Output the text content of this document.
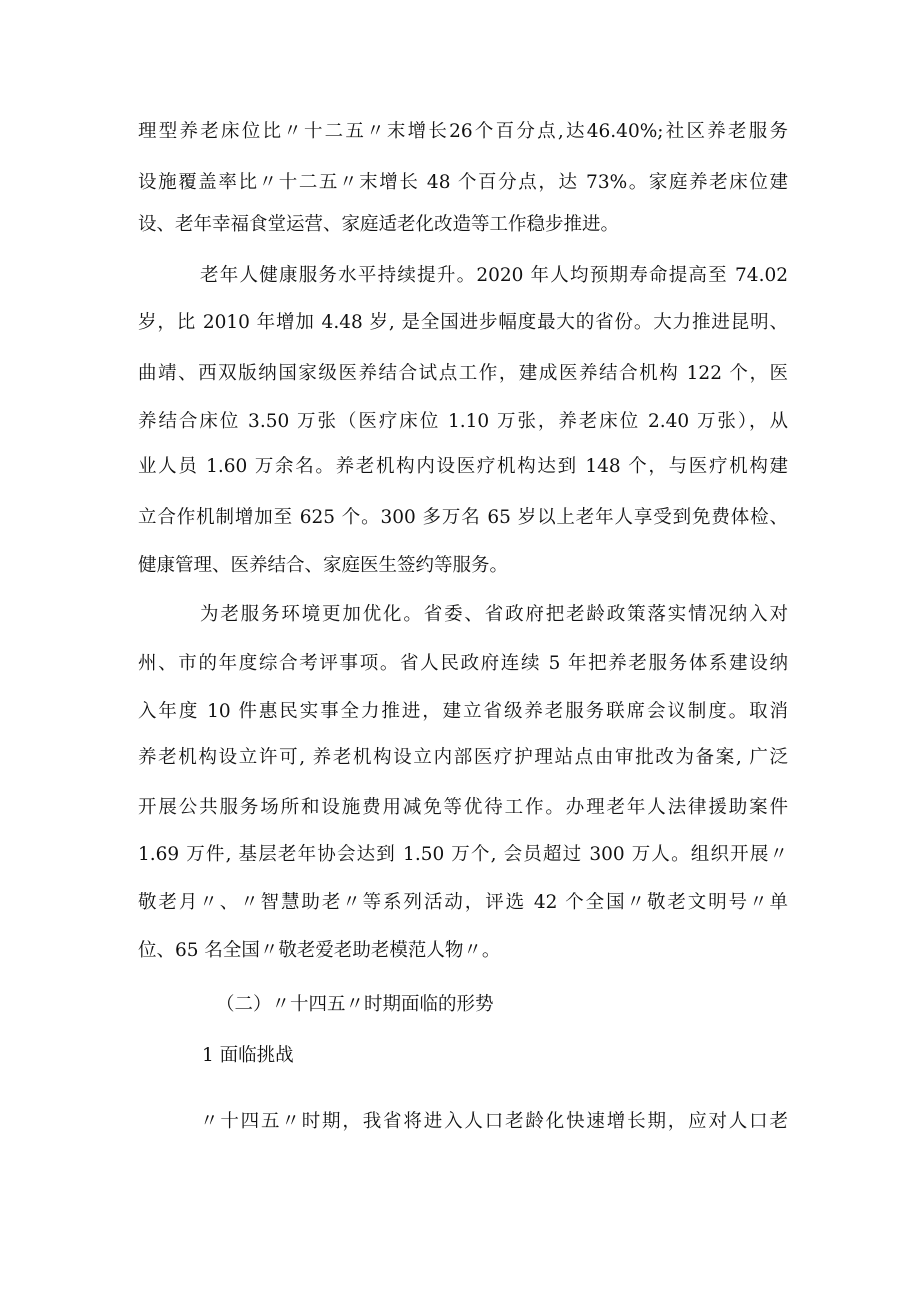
理型养老床位比〃十二五〃末增长26个百分点,达46.40%;社区养老服务
设施覆盖率比〃十二五〃末增长 48 个百分点，达 73%。家庭养老床位建
设、老年幸福食堂运营、家庭适老化改造等工作稳步推进。
老年人健康服务水平持续提升。2020 年人均预期寿命提高至 74.02
岁，比 2010 年增加 4.48 岁, 是全国进步幅度最大的省份。大力推进昆明、
曲靖、西双版纳国家级医养结合试点工作，建成医养结合机构 122 个，医
养结合床位 3.50 万张（医疗床位 1.10 万张，养老床位 2.40 万张），从
业人员 1.60 万余名。养老机构内设医疗机构达到 148 个，与医疗机构建
立合作机制增加至 625 个。300 多万名 65 岁以上老年人享受到免费体检、
健康管理、医养结合、家庭医生签约等服务。
为老服务环境更加优化。省委、省政府把老龄政策落实情况纳入对
州、市的年度综合考评事项。省人民政府连续 5 年把养老服务体系建设纳
入年度 10 件惠民实事全力推进，建立省级养老服务联席会议制度。取消
养老机构设立许可, 养老机构设立内部医疗护理站点由审批改为备案, 广泛
开展公共服务场所和设施费用减免等优待工作。办理老年人法律援助案件
1.69 万件, 基层老年协会达到 1.50 万个, 会员超过 300 万人。组织开展〃
敬老月〃、〃智慧助老〃等系列活动，评选 42 个全国〃敬老文明号〃单
位、65 名全国〃敬老爱老助老模范人物〃。
（二）〃十四五〃时期面临的形势
1 面临挑战
〃十四五〃时期，我省将进入人口老龄化快速增长期，应对人口老
